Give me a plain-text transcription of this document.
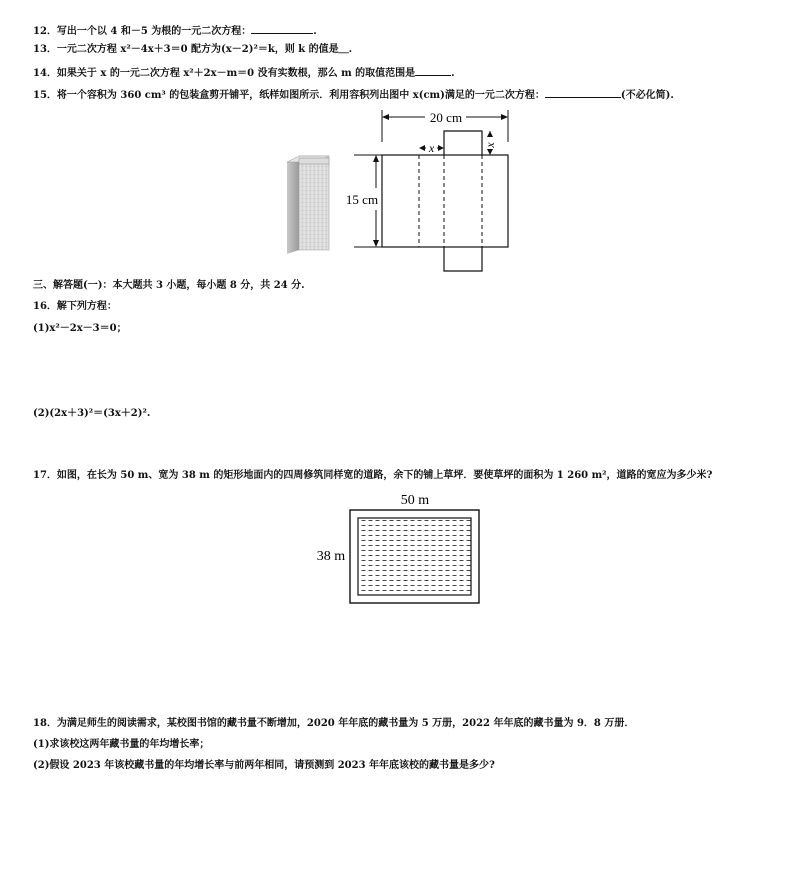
12．写出一个以 4 和－5 为根的一元二次方程：	.
13．一元二次方程 x²－4x＋3＝0 配方为(x－2)²＝k，则 k 的值是＿.
14．如果关于 x 的一元二次方程 x²＋2x－m＝0 没有实数根，那么 m 的取值范围是	.
15．将一个容积为 360 cm³ 的包装盒剪开铺平，纸样如图所示．利用容积列出图中 x(cm)满足的一元二次方程：	(不必化简).
20 cm
15 cm
x	x
三、解答题(一)：本大题共 3 小题，每小题 8 分，共 24 分.
16．解下列方程：
(1)x²－2x－3＝0；
(2)(2x＋3)²＝(3x＋2)².
17．如图，在长为 50 m、宽为 38 m 的矩形地面内的四周修筑同样宽的道路，余下的铺上草坪．要使草坪的面积为 1 260 m²，道路的宽应为多少米?
50 m
38 m
18．为满足师生的阅读需求，某校图书馆的藏书量不断增加，2020 年年底的藏书量为 5 万册，2022 年年底的藏书量为 9．8 万册．
(1)求该校这两年藏书量的年均增长率；
(2)假设 2023 年该校藏书量的年均增长率与前两年相同，请预测到 2023 年年底该校的藏书量是多少?
